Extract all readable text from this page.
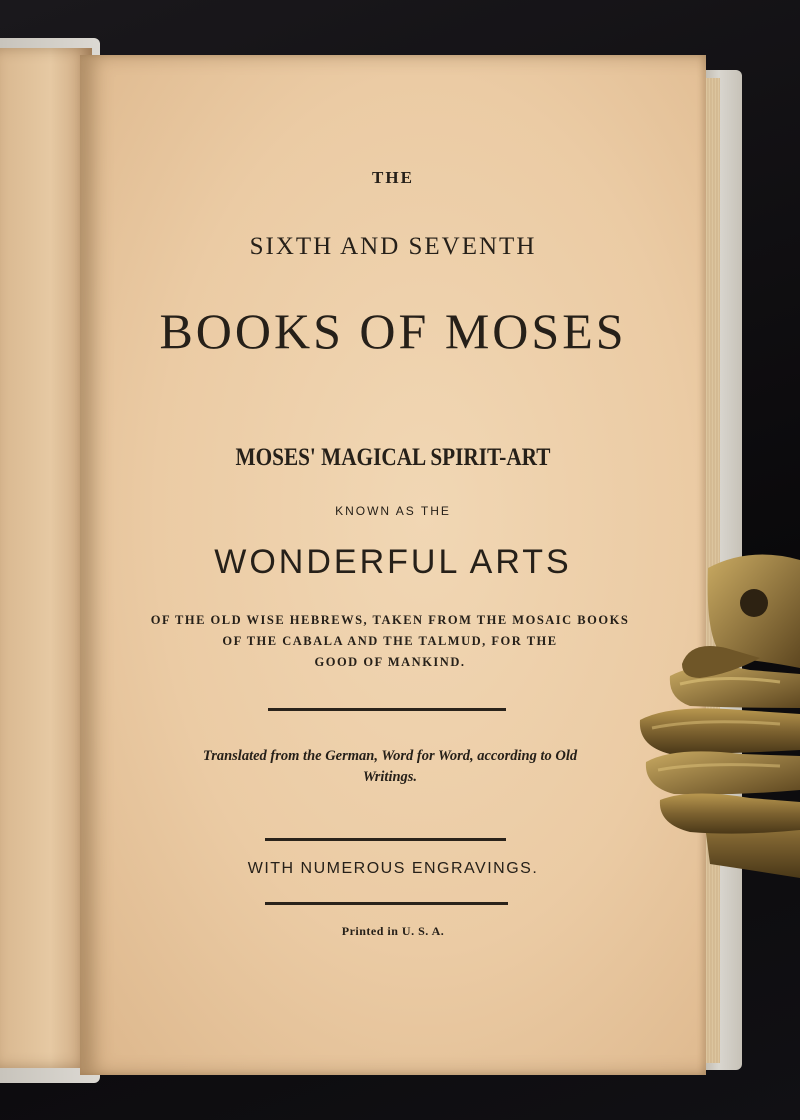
THE
SIXTH AND SEVENTH
BOOKS OF MOSES
MOSES' MAGICAL SPIRIT-ART
KNOWN AS THE
WONDERFUL ARTS
OF THE OLD WISE HEBREWS, TAKEN FROM THE MOSAIC BOOKS
OF THE CABALA AND THE TALMUD, FOR THE
GOOD OF MANKIND.
Translated from the German, Word for Word, according to Old
Writings.
WITH NUMEROUS ENGRAVINGS.
Printed in U. S. A.
